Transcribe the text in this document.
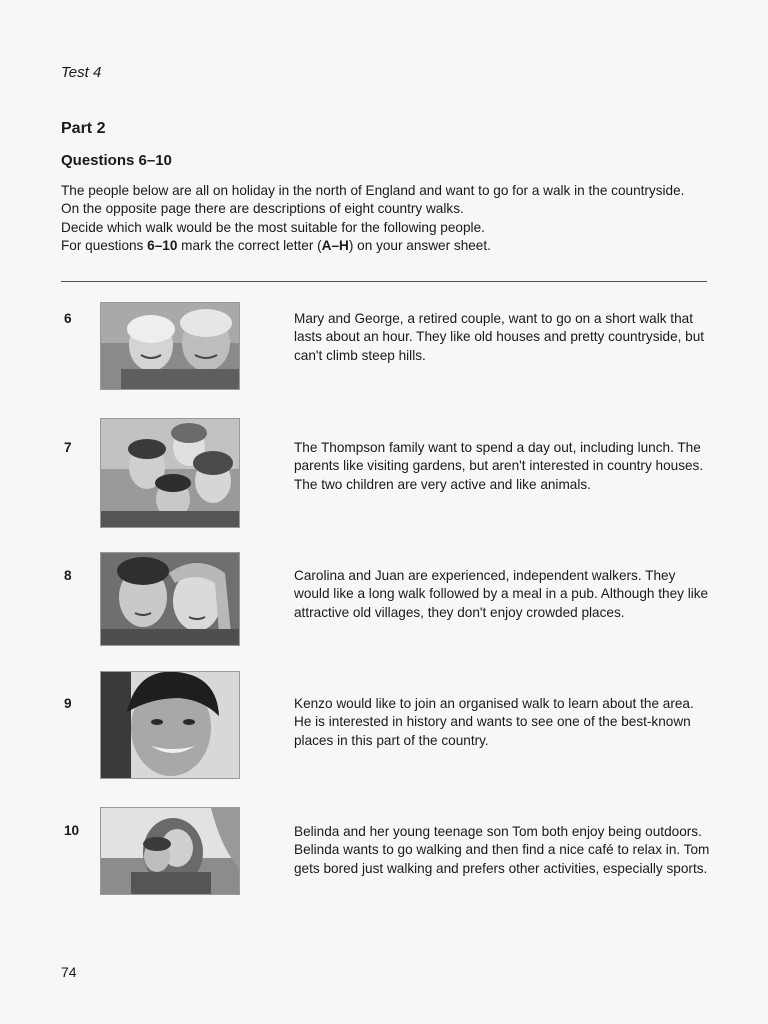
Test 4
Part 2
Questions 6–10

The people below are all on holiday in the north of England and want to go for a walk in the countryside.

On the opposite page there are descriptions of eight country walks.

Decide which walk would be the most suitable for the following people.

For questions 6–10 mark the correct letter (A–H) on your answer sheet.

6	Mary and George, a retired couple, want to go on a short walk that lasts about an hour. They like old houses and pretty countryside, but can't climb steep hills.
7	The Thompson family want to spend a day out, including lunch. The parents like visiting gardens, but aren't interested in country houses. The two children are very active and like animals.
8	Carolina and Juan are experienced, independent walkers. They would like a long walk followed by a meal in a pub. Although they like attractive old villages, they don't enjoy crowded places.
9	Kenzo would like to join an organised walk to learn about the area. He is interested in history and wants to see one of the best-known places in this part of the country.
10	Belinda and her young teenage son Tom both enjoy being outdoors. Belinda wants to go walking and then find a nice café to relax in. Tom gets bored just walking and prefers other activities, especially sports.
74
